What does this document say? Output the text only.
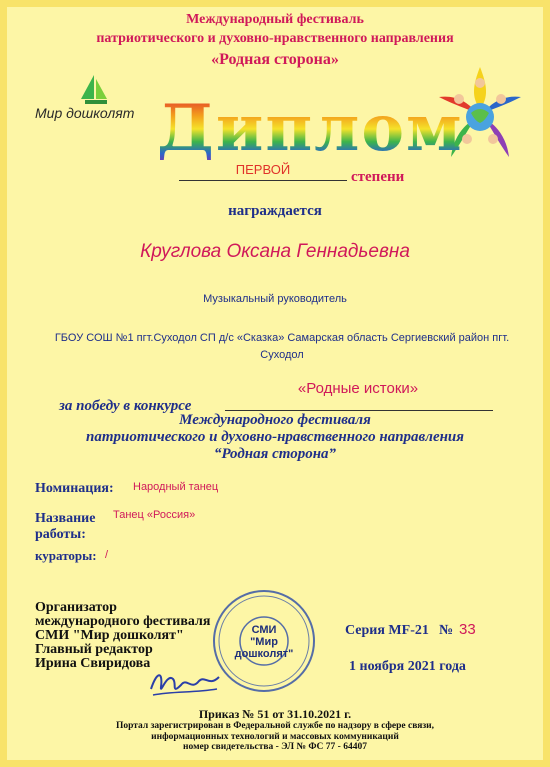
Международный фестиваль
патриотического и духовно-нравственного направления
«Родная сторона»
Мир дошколят Диплом
ПЕРВОЙ	степени
награждается
Круглова Оксана Геннадьевна
Музыкальный руководитель
ГБОУ СОШ №1 пгт.Суходол СП д/с «Сказка» Самарская область Сергиевский район пгт. Суходол
за победу в конкурсе
«Родные истоки»
Международного фестиваля
патриотического и духовно-нравственного направления
“Родная сторона”
Номинация: Народный танец
Название
работы:
Танец «Россия»
кураторы: /
Организатор
международного фестиваля
СМИ "Мир дошколят"
Главный редактор
Ирина Свиридова
СМИ
"Мир
дошколят"
Серия MF-21 № 33
1 ноября 2021 года
Приказ № 51 от 31.10.2021 г.
Портал зарегистрирован в Федеральной службе по надзору в сфере связи,
информационных технологий и массовых коммуникаций
номер свидетельства - ЭЛ № ФС 77 - 64407
